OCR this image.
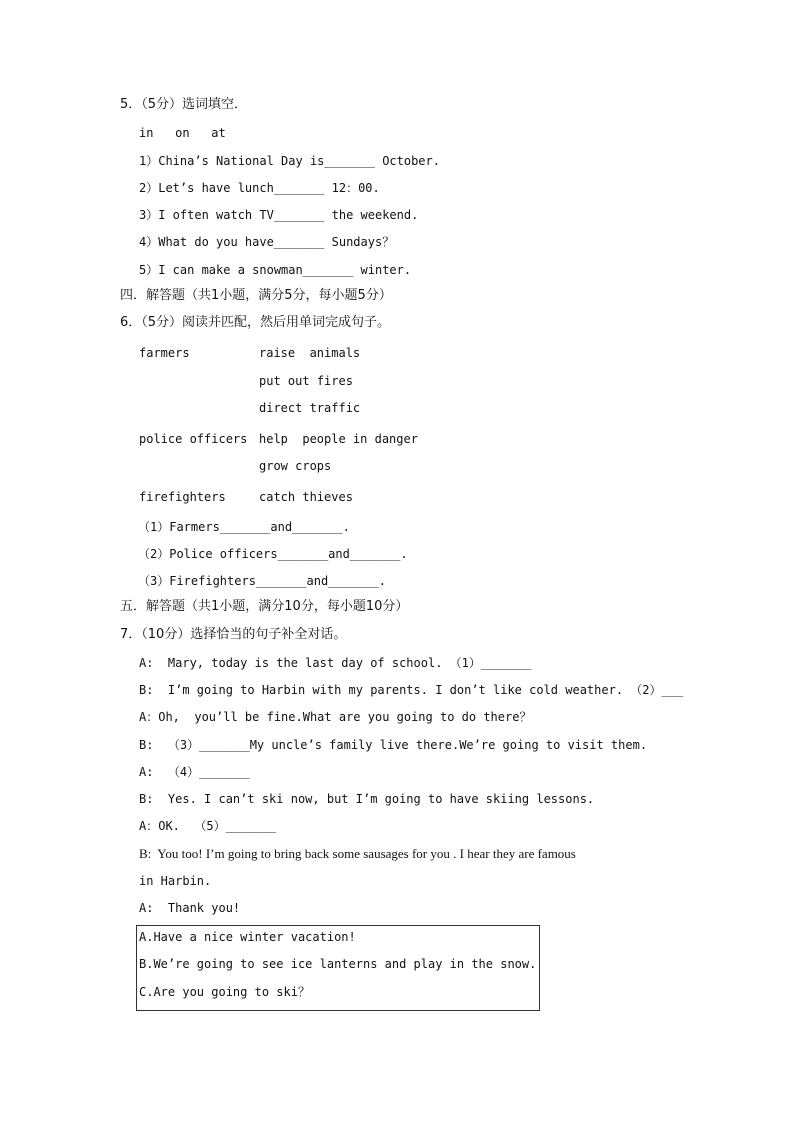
5．（5分）选词填空．
in   on   at
1）China’s National Day is_______ October.
2）Let’s have lunch_______ 12：00.
3）I often watch TV_______ the weekend.
4）What do you have_______ Sundays？
5）I can make a snowman_______ winter.
四．解答题（共1小题，满分5分，每小题5分）
6．（5分）阅读并匹配，然后用单词完成句子。
farmers	raise  animals
put out fires
direct traffic
police officers help  people in danger
grow crops
firefighters	catch thieves
（1）Farmers_______and_______.
（2）Police officers_______and_______.
（3）Firefighters_______and_______.
五．解答题（共1小题，满分10分，每小题10分）
7．（10分）选择恰当的句子补全对话。
A:  Mary, today is the last day of school. （1）_______
B:  I’m going to Harbin with my parents. I don’t like cold weather. （2）___
A：Oh,  you’ll be fine.What are you going to do there？
B:  （3）_______My uncle’s family live there.We’re going to visit them.
A:  （4）_______
B:  Yes. I can’t ski now, but I’m going to have skiing lessons.
A：OK.  （5）_______
B:  You too! I’m going to bring back some sausages for you . I hear they are famous
in Harbin.
A:  Thank you!
A.Have a nice winter vacation!
B.We’re going to see ice lanterns and play in the snow.
C.Are you going to ski？
